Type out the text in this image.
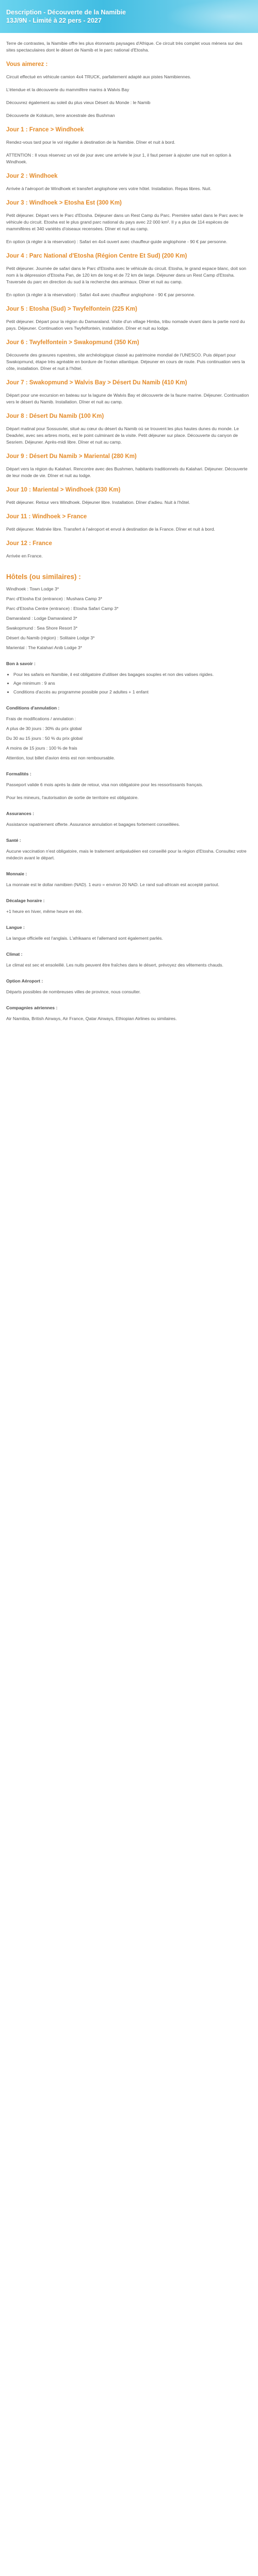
Description - Découverte de la Namibie
13J/9N - Limité à 22 pers - 2027

Terre de contrastes, la Namibie offre les plus étonnants paysages d'Afrique. Ce circuit très complet vous mènera sur des sites spectaculaires dont le désert de Namib et le parc national d'Etosha.

Vous aimerez :

Circuit effectué en véhicule camion 4x4 TRUCK, parfaitement adapté aux pistes Namibiennes.

L'étendue et la découverte du mammifère marins à Walvis Bay

Découvrez également au soleil du plus vieux Désert du Monde : le Namib

Découverte de Kolskum, terre ancestrale des Bushman

Jour 1 : France > Windhoek

Rendez-vous tard pour le vol régulier à destination de la Namibie. Dîner et nuit à bord.

ATTENTION : Il vous réservez un vol de jour avec une arrivée le jour 1, il faut penser à ajouter une nuit en option à Windhoek.

Jour 2 : Windhoek

Arrivée à l'aéroport de Windhoek et transfert anglophone vers votre hôtel. Installation. Repas libres. Nuit.

Jour 3 : Windhoek > Etosha Est (300 Km)

Petit déjeuner. Départ vers le Parc d'Etosha. Déjeuner dans un Rest Camp du Parc. Première safari dans le Parc avec le véhicule du circuit. Etosha est le plus grand parc national du pays avec 22 000 km². Il y a plus de 114 espèces de mammifères et 340 variétés d'oiseaux recensées. Dîner et nuit au camp.

En option (à régler à la réservation) : Safari en 4x4 ouvert avec chauffeur-guide anglophone - 90 € par personne.

Jour 4 : Parc National d'Etosha (Région Centre Et Sud) (200 Km)

Petit déjeuner. Journée de safari dans le Parc d'Etosha avec le véhicule du circuit. Etosha, le grand espace blanc, doit son nom à la dépression d'Etosha Pan, de 120 km de long et de 72 km de large. Déjeuner dans un Rest Camp d'Etosha. Traversée du parc en direction du sud à la recherche des animaux. Dîner et nuit au camp.

En option (à régler à la réservation) : Safari 4x4 avec chauffeur anglophone - 90 € par personne.

Jour 5 : Etosha (Sud) > Twyfelfontein (225 Km)

Petit déjeuner. Départ pour la région du Damaraland. Visite d'un village Himba, tribu nomade vivant dans la partie nord du pays. Déjeuner. Continuation vers Twyfelfontein, installation. Dîner et nuit au lodge.

Jour 6 : Twyfelfontein > Swakopmund (350 Km)

Découverte des gravures rupestres, site archéologique classé au patrimoine mondial de l'UNESCO. Puis départ pour Swakopmund, étape très agréable en bordure de l'océan atlantique. Déjeuner en cours de route. Puis continuation vers la côte, installation. Dîner et nuit à l'hôtel.

Jour 7 : Swakopmund > Walvis Bay > Désert Du Namib (410 Km)

Départ pour une excursion en bateau sur la lagune de Walvis Bay et découverte de la faune marine. Déjeuner. Continuation vers le désert du Namib. Installation. Dîner et nuit au camp.

Jour 8 : Désert Du Namib (100 Km)

Départ matinal pour Sossusvlei, situé au cœur du désert du Namib où se trouvent les plus hautes dunes du monde. Le Deadvlei, avec ses arbres morts, est le point culminant de la visite. Petit déjeuner sur place. Découverte du canyon de Sesriem. Déjeuner. Après-midi libre. Dîner et nuit au camp.

Jour 9 : Désert Du Namib > Mariental (280 Km)

Départ vers la région du Kalahari. Rencontre avec des Bushmen, habitants traditionnels du Kalahari. Déjeuner. Découverte de leur mode de vie. Dîner et nuit au lodge.

Jour 10 : Mariental > Windhoek (330 Km)

Petit déjeuner. Retour vers Windhoek. Déjeuner libre. Installation. Dîner d'adieu. Nuit à l'hôtel.

Jour 11 : Windhoek > France

Petit déjeuner. Matinée libre. Transfert à l'aéroport et envol à destination de la France. Dîner et nuit à bord.

Jour 12 : France

Arrivée en France.

Hôtels (ou similaires) :

Windhoek : Town Lodge 3*

Parc d'Etosha Est (entrance) : Mushara Camp 3*

Parc d'Etosha Centre (entrance) : Etosha Safari Camp 3*

Damaraland : Lodge Damaraland 3*

Swakopmund : Sea Shore Resort 3*

Désert du Namib (région) : Solitaire Lodge 3*

Mariental : The Kalahari Anib Lodge 3*

Bon à savoir :

• Pour les safaris en Namibie, il est obligatoire d'utiliser des bagages souples et non des valises rigides.
• Age minimum : 9 ans
• Conditions d'accès au programme possible pour 2 adultes + 1 enfant

Conditions d'annulation :

Frais de modifications / annulation :

A plus de 30 jours : 30% du prix global

Du 30 au 15 jours : 50 % du prix global

A moins de 15 jours : 100 % de frais

Attention, tout billet d'avion émis est non remboursable.

Formalités :

Passeport valide 6 mois après la date de retour, visa non obligatoire pour les ressortissants français.

Pour les mineurs, l'autorisation de sortie de territoire est obligatoire.

Assurances :

Assistance rapatriement offerte. Assurance annulation et bagages fortement conseillées.

Santé :

Aucune vaccination n'est obligatoire, mais le traitement antipaludéen est conseillé pour la région d'Etosha. Consultez votre médecin avant le départ.

Monnaie :

La monnaie est le dollar namibien (NAD). 1 euro = environ 20 NAD. Le rand sud-africain est accepté partout.

Décalage horaire :

+1 heure en hiver, même heure en été.

Langue :

La langue officielle est l'anglais. L'afrikaans et l'allemand sont également parlés.

Climat :

Le climat est sec et ensoleillé. Les nuits peuvent être fraîches dans le désert, prévoyez des vêtements chauds.

Option Aéroport :

Départs possibles de nombreuses villes de province, nous consulter.

Compagnies aériennes :

Air Namibia, British Airways, Air France, Qatar Airways, Ethiopian Airlines ou similaires.
